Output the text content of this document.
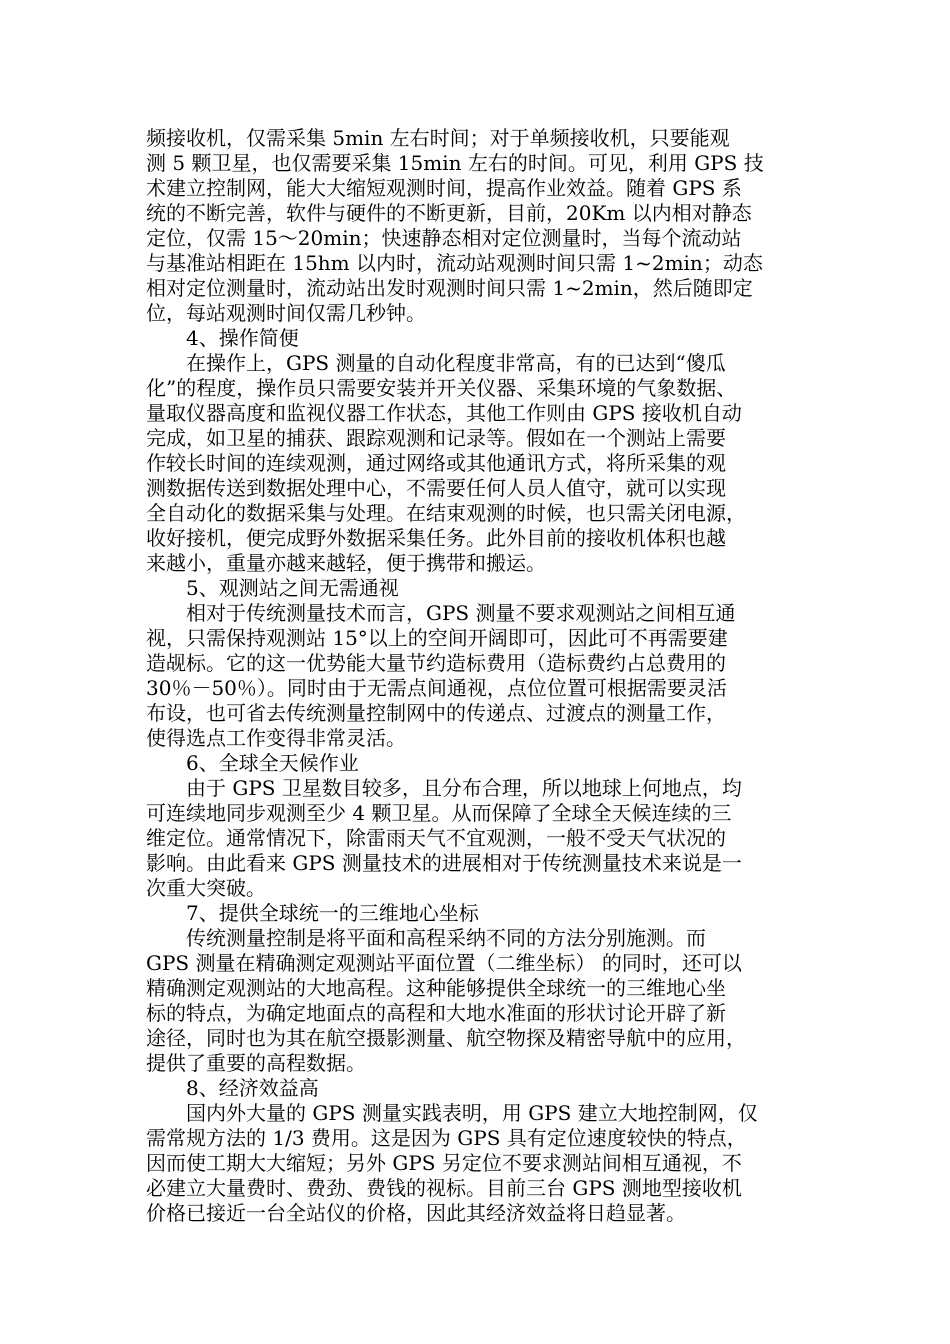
频接收机，仅需采集 5min 左右时间；对于单频接收机，只要能观
测 5 颗卫星，也仅需要采集 15min 左右的时间。可见，利用 GPS 技
术建立控制网，能大大缩短观测时间，提高作业效益。随着 GPS 系
统的不断完善，软件与硬件的不断更新，目前，20Km 以内相对静态
定位，仅需 15～20min；快速静态相对定位测量时，当每个流动站
与基准站相距在 15hm 以内时，流动站观测时间只需 1~2min；动态
相对定位测量时，流动站出发时观测时间只需 1~2min，然后随即定
位，每站观测时间仅需几秒钟。
4、操作简便
在操作上，GPS 测量的自动化程度非常高，有的已达到“傻瓜
化”的程度，操作员只需要安装并开关仪器、采集环境的气象数据、
量取仪器高度和监视仪器工作状态，其他工作则由 GPS 接收机自动
完成，如卫星的捕获、跟踪观测和记录等。假如在一个测站上需要
作较长时间的连续观测，通过网络或其他通讯方式，将所采集的观
测数据传送到数据处理中心，不需要任何人员人值守，就可以实现
全自动化的数据采集与处理。在结束观测的时候，也只需关闭电源，
收好接机，便完成野外数据采集任务。此外目前的接收机体积也越
来越小，重量亦越来越轻，便于携带和搬运。
5、观测站之间无需通视
相对于传统测量技术而言，GPS 测量不要求观测站之间相互通
视，只需保持观测站 15°以上的空间开阔即可，因此可不再需要建
造觇标。它的这一优势能大量节约造标费用（造标费约占总费用的
30％－50％）。同时由于无需点间通视，点位位置可根据需要灵活
布设，也可省去传统测量控制网中的传递点、过渡点的测量工作，
使得选点工作变得非常灵活。
6、全球全天候作业
由于 GPS 卫星数目较多，且分布合理，所以地球上何地点，均
可连续地同步观测至少 4 颗卫星。从而保障了全球全天候连续的三
维定位。通常情况下，除雷雨天气不宜观测，一般不受天气状况的
影响。由此看来 GPS 测量技术的进展相对于传统测量技术来说是一
次重大突破。
7、提供全球统一的三维地心坐标
传统测量控制是将平面和高程采纳不同的方法分别施测。而
GPS 测量在精确测定观测站平面位置（二维坐标） 的同时，还可以
精确测定观测站的大地高程。这种能够提供全球统一的三维地心坐
标的特点，为确定地面点的高程和大地水准面的形状讨论开辟了新
途径，同时也为其在航空摄影测量、航空物探及精密导航中的应用，
提供了重要的高程数据。
8、经济效益高
国内外大量的 GPS 测量实践表明，用 GPS 建立大地控制网，仅
需常规方法的 1/3 费用。这是因为 GPS 具有定位速度较快的特点，
因而使工期大大缩短；另外 GPS 另定位不要求测站间相互通视，不
必建立大量费时、费劲、费钱的视标。目前三台 GPS 测地型接收机
价格已接近一台全站仪的价格，因此其经济效益将日趋显著。
